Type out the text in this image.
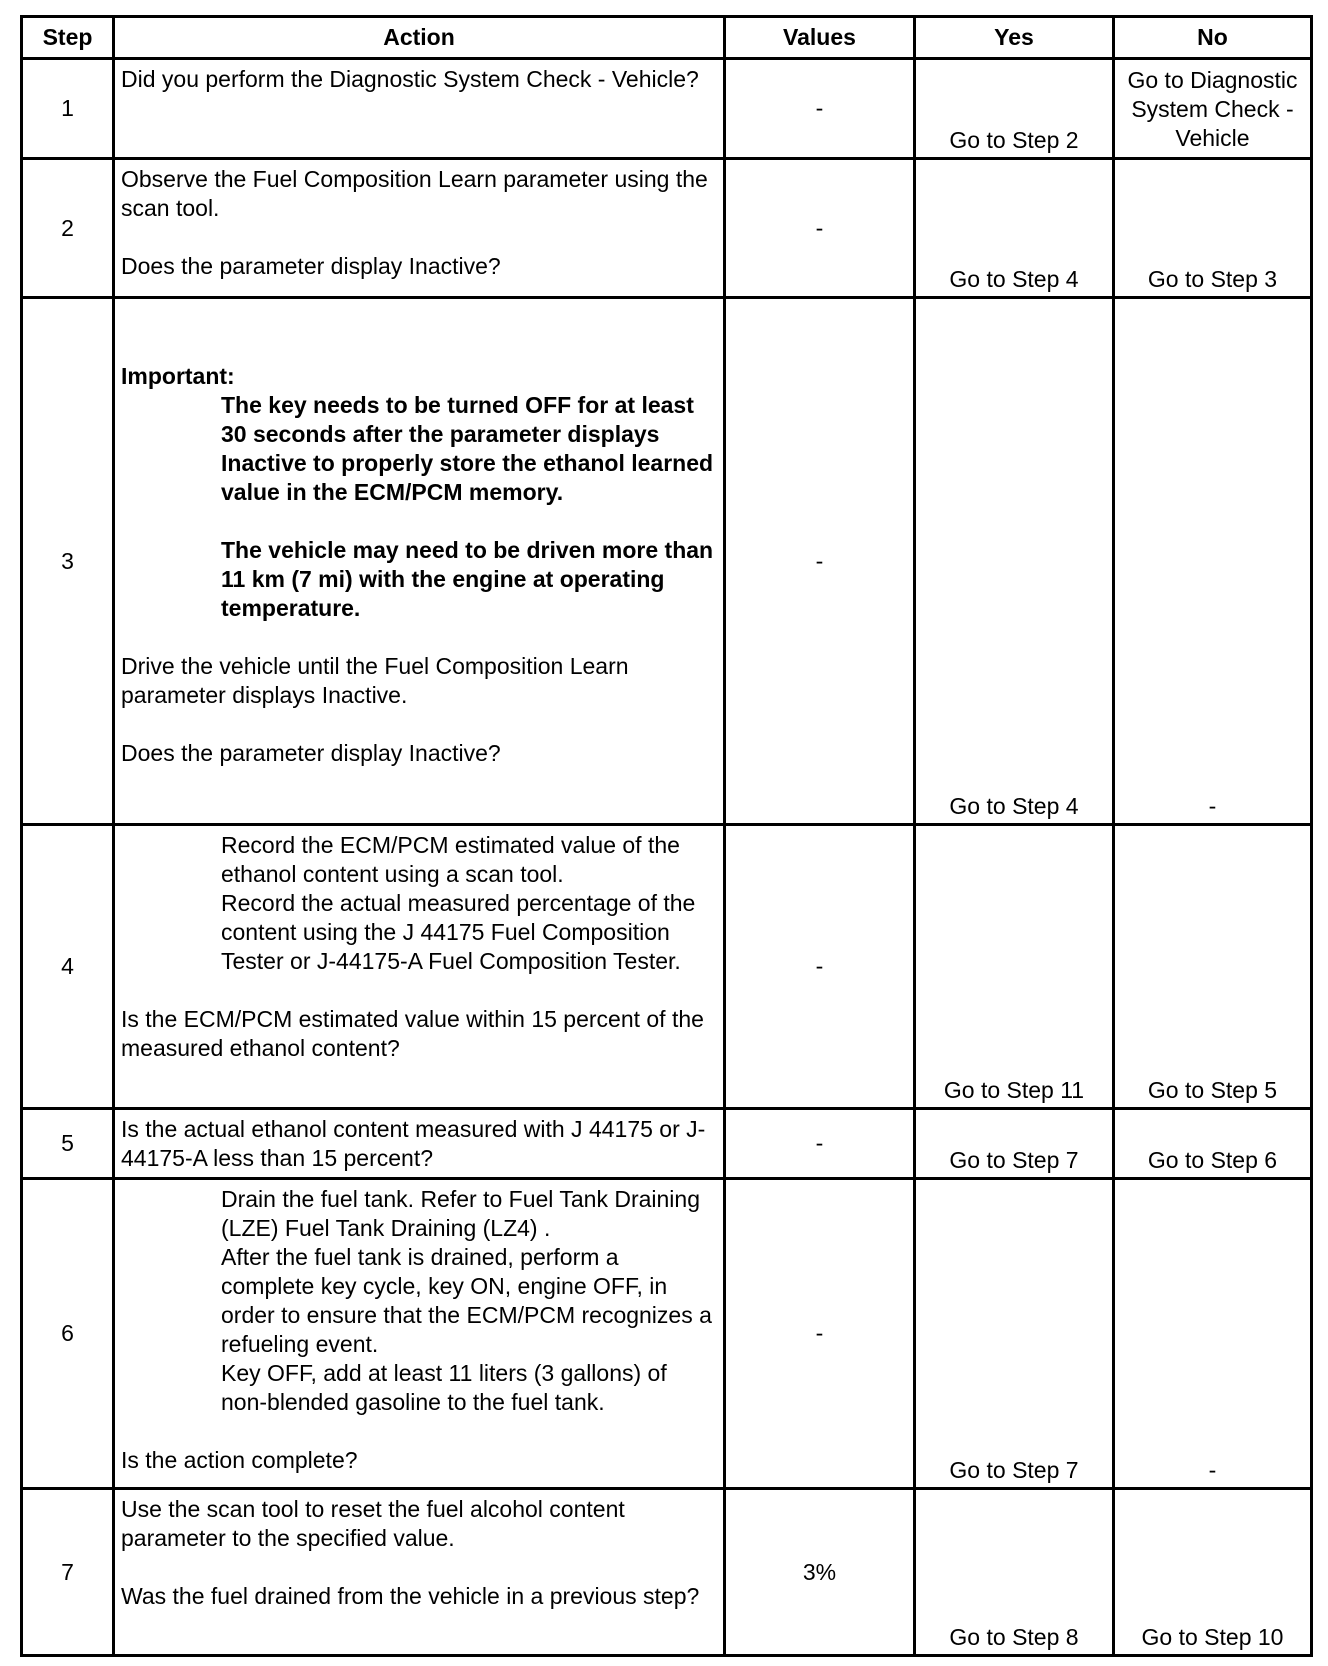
Step	Action	Values	Yes	No
1	Did you perform the Diagnostic System Check - Vehicle?	-	Go to Step 2	Go to Diagnostic System Check - Vehicle
2	Observe the Fuel Composition Learn parameter using the scan tool.
Does the parameter display Inactive?	-	Go to Step 4	Go to Step 3
3	Important:
The key needs to be turned OFF for at least 30 seconds after the parameter displays Inactive to properly store the ethanol learned value in the ECM/PCM memory.
The vehicle may need to be driven more than 11 km (7 mi) with the engine at operating temperature.
Drive the vehicle until the Fuel Composition Learn parameter displays Inactive.
Does the parameter display Inactive?	-	Go to Step 4	-
4	Record the ECM/PCM estimated value of the ethanol content using a scan tool.
Record the actual measured percentage of the content using the J 44175 Fuel Composition Tester or J-44175-A Fuel Composition Tester.
Is the ECM/PCM estimated value within 15 percent of the measured ethanol content?	-	Go to Step 11	Go to Step 5
5	Is the actual ethanol content measured with J 44175 or J-44175-A less than 15 percent?	-	Go to Step 7	Go to Step 6
6	Drain the fuel tank. Refer to Fuel Tank Draining (LZE) Fuel Tank Draining (LZ4) .
After the fuel tank is drained, perform a complete key cycle, key ON, engine OFF, in order to ensure that the ECM/PCM recognizes a refueling event.
Key OFF, add at least 11 liters (3 gallons) of non-blended gasoline to the fuel tank.
Is the action complete?	-	Go to Step 7	-
7	Use the scan tool to reset the fuel alcohol content parameter to the specified value.
Was the fuel drained from the vehicle in a previous step?	3%	Go to Step 8	Go to Step 10
